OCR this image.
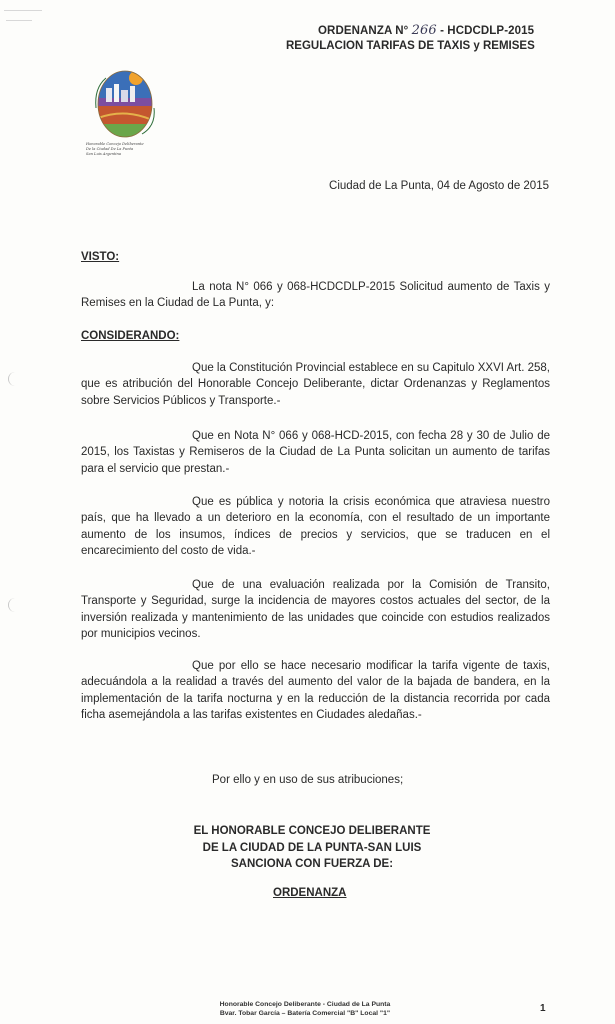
ORDENANZA N° 266 - HCDCDLP-2015
REGULACION TARIFAS DE TAXIS y REMISES
Honorable Concejo Deliberante
De la Ciudad De La Punta
San Luis Argentina
Ciudad de La Punta, 04 de Agosto de 2015
VISTO:
La nota N° 066 y 068-HCDCDLP-2015 Solicitud aumento de Taxis y Remises en la Ciudad de La Punta, y:
CONSIDERANDO:
Que la Constitución Provincial establece en su Capitulo XXVI Art. 258, que es atribución del Honorable Concejo Deliberante, dictar Ordenanzas y Reglamentos sobre Servicios Públicos y Transporte.-
Que en Nota N° 066 y 068-HCD-2015, con fecha 28 y 30 de Julio de 2015, los Taxistas y Remiseros de la Ciudad de La Punta solicitan un aumento de tarifas para el servicio que prestan.-
Que es pública y notoria la crisis económica que atraviesa nuestro país, que ha llevado a un deterioro en la economía, con el resultado de un importante aumento de los insumos, índices de precios y servicios, que se traducen en el encarecimiento del costo de vida.-
Que de una evaluación realizada por la Comisión de Transito, Transporte y Seguridad, surge la incidencia de mayores costos actuales del sector, de la inversión realizada y mantenimiento de las unidades que coincide con estudios realizados por municipios vecinos.
Que por ello se hace necesario modificar la tarifa vigente de taxis, adecuándola a la realidad a través del aumento del valor de la bajada de bandera, en la implementación de la tarifa nocturna y en la reducción de la distancia recorrida por cada ficha asemejándola a las tarifas existentes en Ciudades aledañas.-
Por ello y en uso de sus atribuciones;
EL HONORABLE CONCEJO DELIBERANTE
DE LA CIUDAD DE LA PUNTA-SAN LUIS
SANCIONA CON FUERZA DE:
ORDENANZA
Honorable Concejo Deliberante - Ciudad de La Punta
Bvar. Tobar García – Batería Comercial "B" Local "1"	1
